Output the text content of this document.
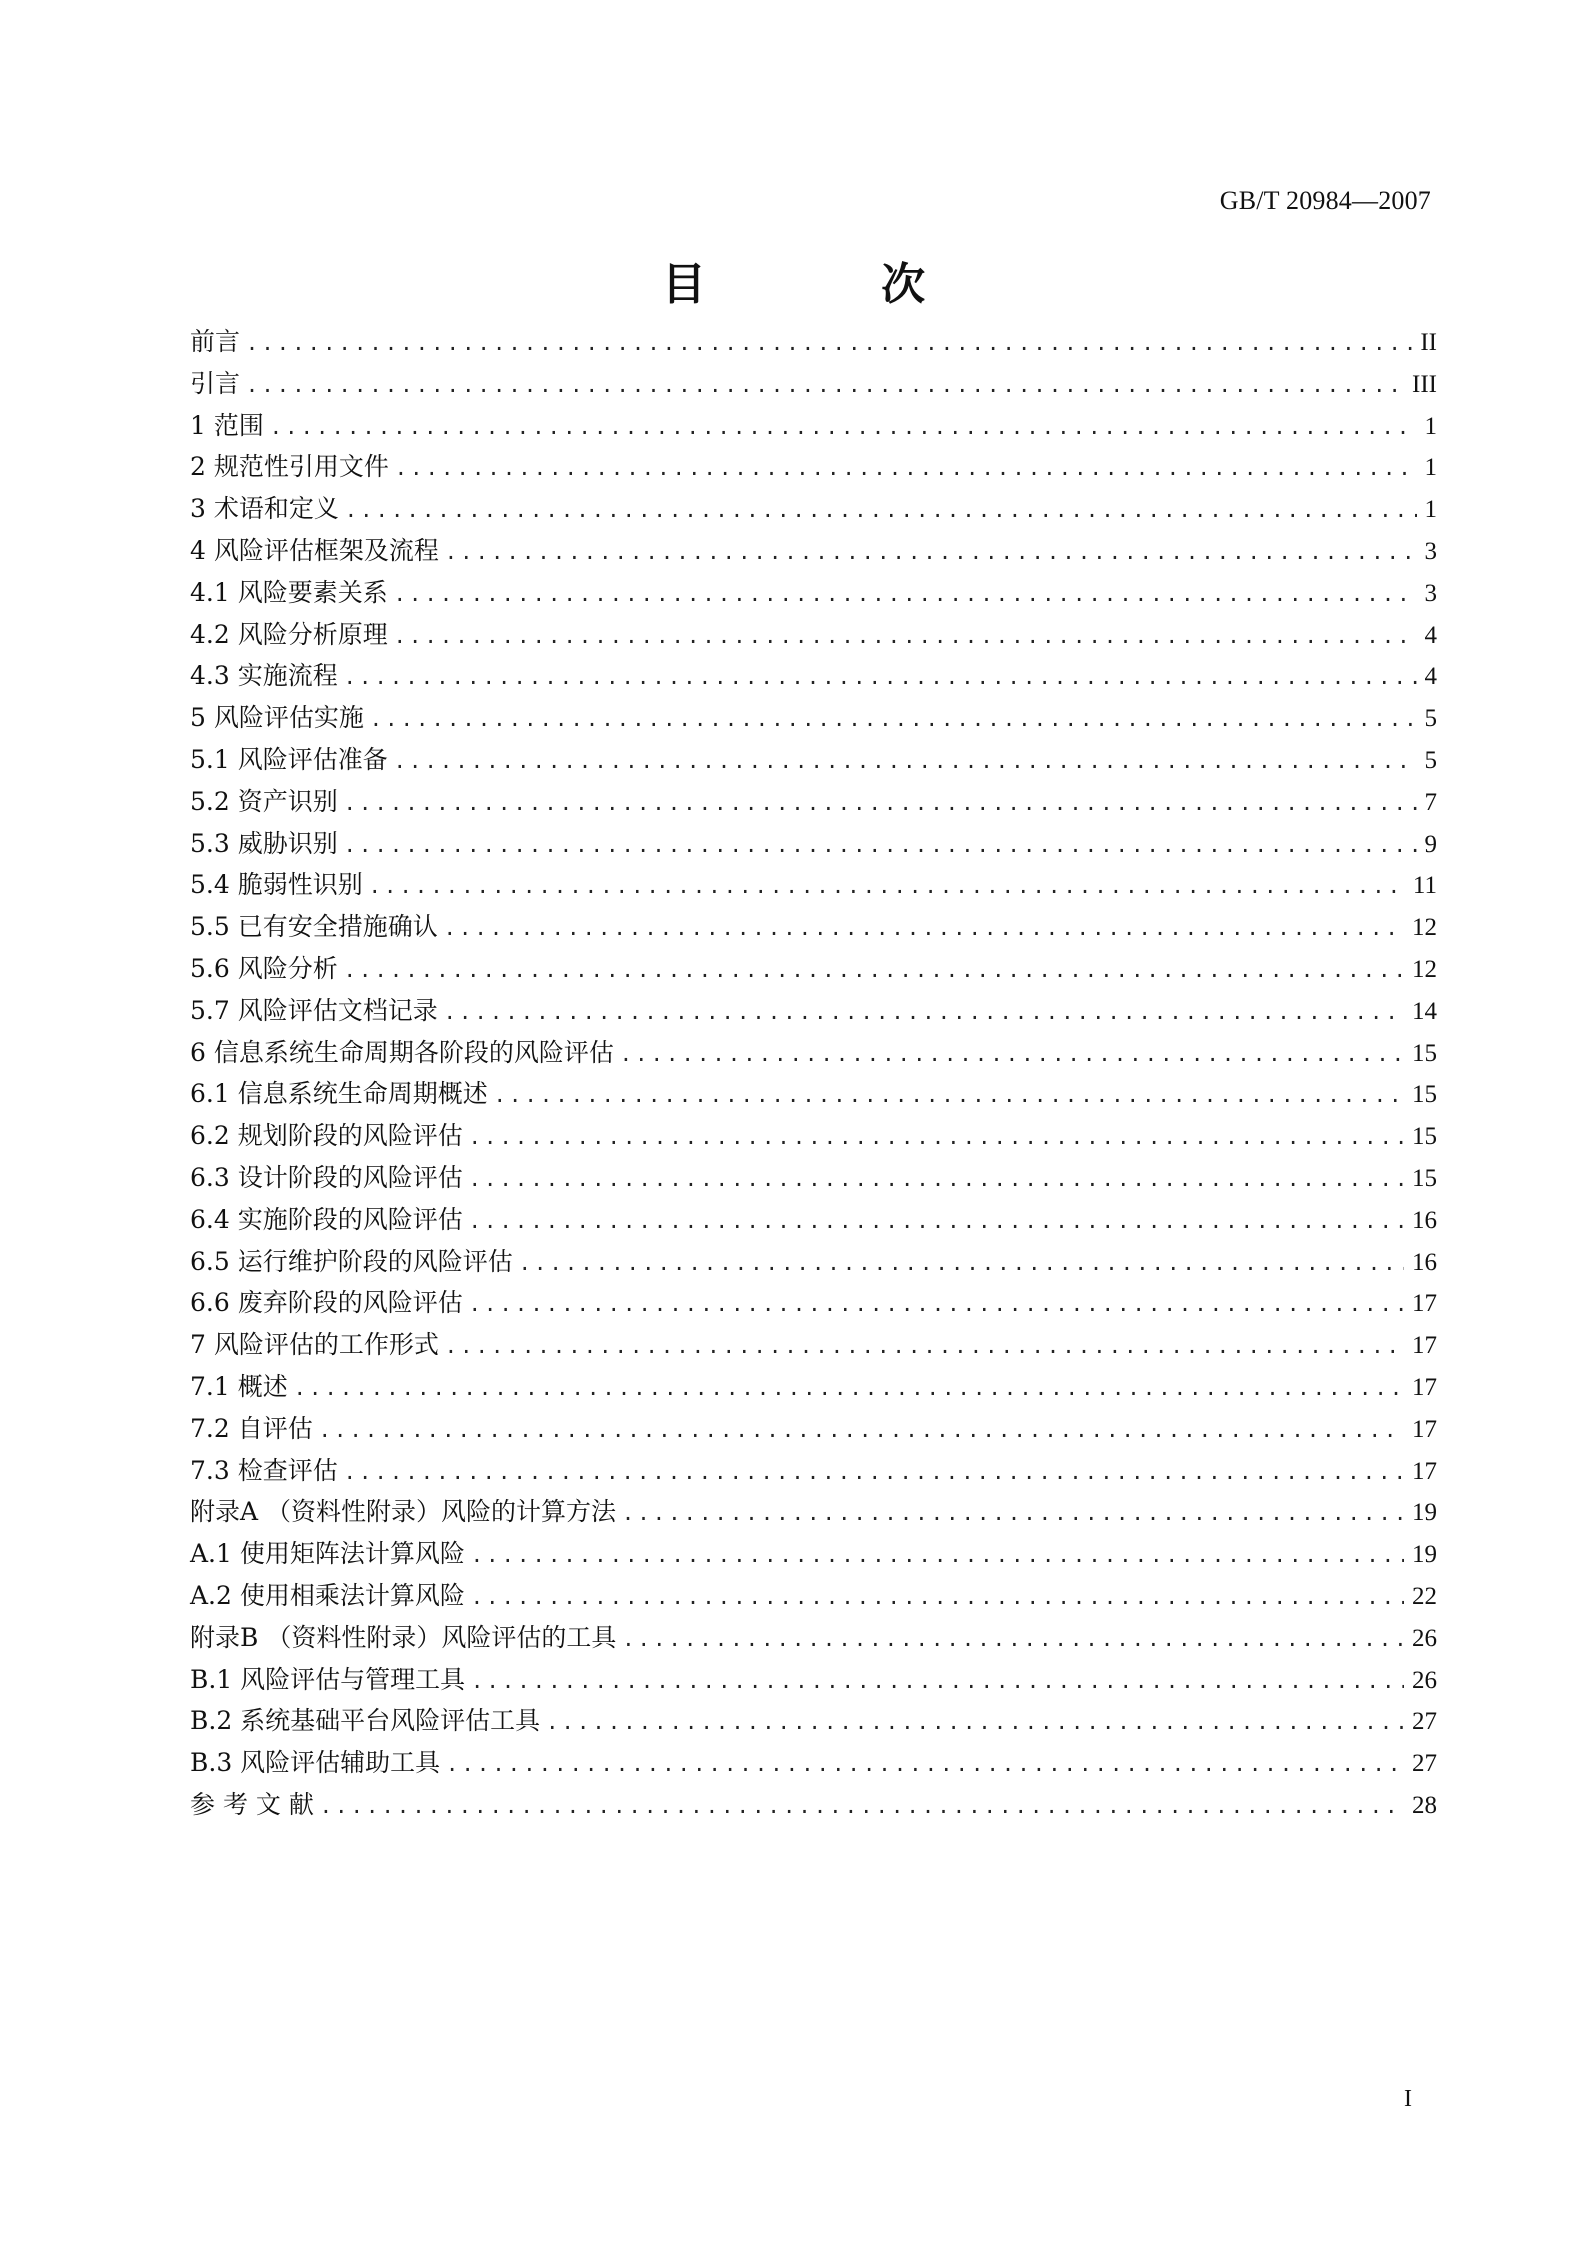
GB/T 20984—2007
目 次
前言 .....	II
引言 .....	III
1 范围 .....	1
2 规范性引用文件 .....	1
3 术语和定义 .....	1
4 风险评估框架及流程 .....	3
4.1 风险要素关系 .....	3
4.2 风险分析原理 .....	4
4.3 实施流程 .....	4
5 风险评估实施 .....	5
5.1 风险评估准备 .....	5
5.2 资产识别 .....	7
5.3 威胁识别 .....	9
5.4 脆弱性识别 .....	11
5.5 已有安全措施确认 .....	12
5.6 风险分析 .....	12
5.7 风险评估文档记录 .....	14
6 信息系统生命周期各阶段的风险评估 .....	15
6.1 信息系统生命周期概述 .....	15
6.2 规划阶段的风险评估 .....	15
6.3 设计阶段的风险评估 .....	15
6.4 实施阶段的风险评估 .....	16
6.5 运行维护阶段的风险评估 .....	16
6.6 废弃阶段的风险评估 .....	17
7 风险评估的工作形式 .....	17
7.1 概述 .....	17
7.2 自评估 .....	17
7.3 检查评估 .....	17
附录A （资料性附录）风险的计算方法 .....	19
A.1 使用矩阵法计算风险 .....	19
A.2 使用相乘法计算风险 .....	22
附录B （资料性附录）风险评估的工具 .....	26
B.1 风险评估与管理工具 .....	26
B.2 系统基础平台风险评估工具 .....	27
B.3 风险评估辅助工具 .....	27
参 考 文 献 .....	28
I
